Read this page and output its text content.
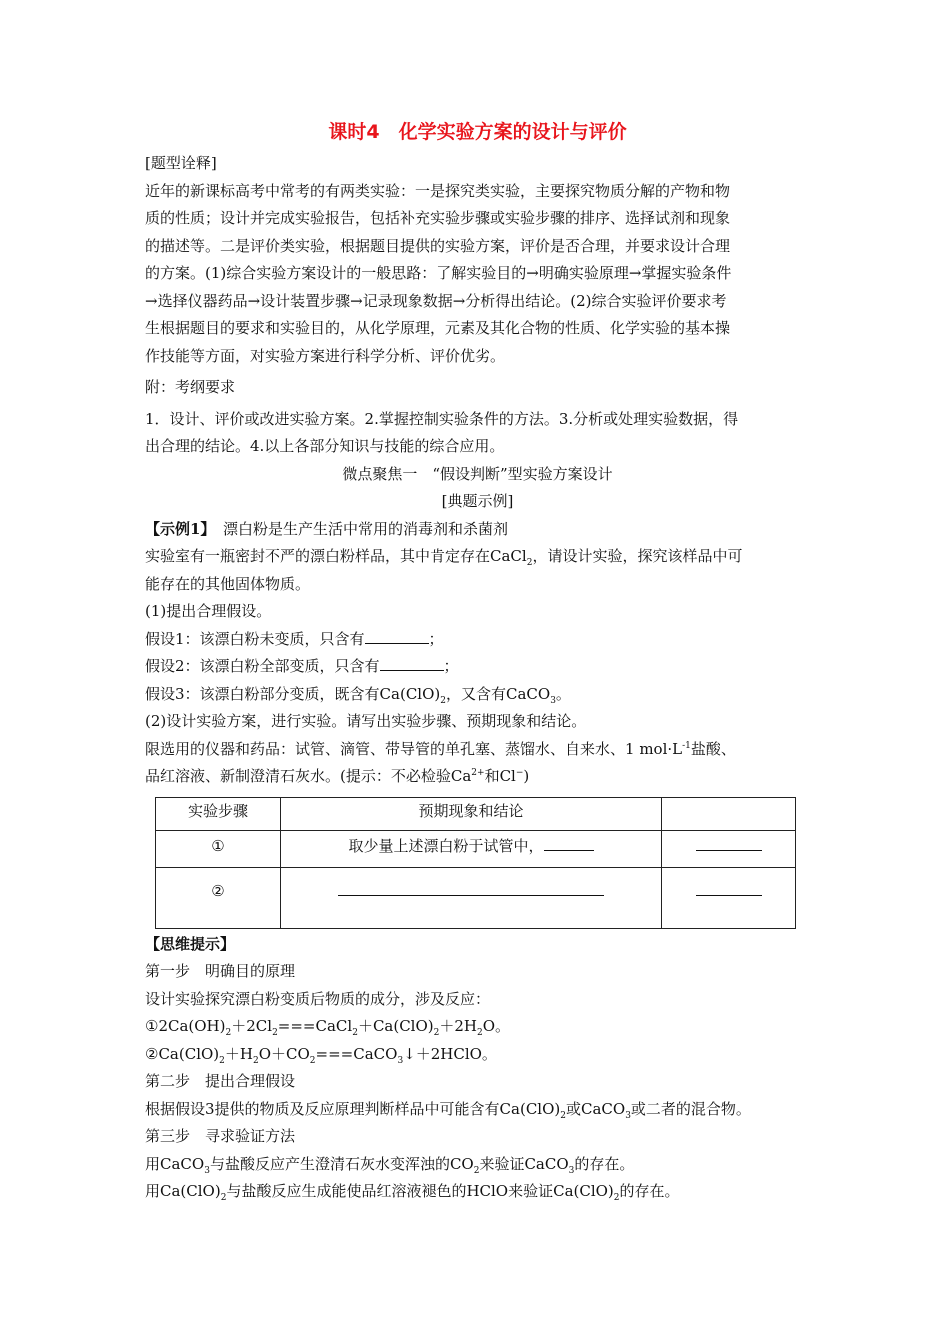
课时4　化学实验方案的设计与评价

[题型诠释]

近年的新课标高考中常考的有两类实验：一是探究类实验，主要探究物质分解的产物和物

质的性质；设计并完成实验报告，包括补充实验步骤或实验步骤的排序、选择试剂和现象

的描述等。二是评价类实验，根据题目提供的实验方案，评价是否合理，并要求设计合理

的方案。(1)综合实验方案设计的一般思路：了解实验目的→明确实验原理→掌握实验条件

→选择仪器药品→设计装置步骤→记录现象数据→分析得出结论。(2)综合实验评价要求考

生根据题目的要求和实验目的，从化学原理，元素及其化合物的性质、化学实验的基本操

作技能等方面，对实验方案进行科学分析、评价优劣。

附：考纲要求

1．设计、评价或改进实验方案。2.掌握控制实验条件的方法。3.分析或处理实验数据，得

出合理的结论。4.以上各部分知识与技能的综合应用。

微点聚焦一　“假设判断”型实验方案设计

[典题示例]

【示例1】　漂白粉是生产生活中常用的消毒剂和杀菌剂

实验室有一瓶密封不严的漂白粉样品，其中肯定存在CaCl$_2$，请设计实验，探究该样品中可

能存在的其他固体物质。

(1)提出合理假设。

假设1：该漂白粉未变质，只含有	；

假设2：该漂白粉全部变质，只含有	；

假设3：该漂白粉部分变质，既含有$Ca(ClO)_2$，又含有CaCO$_3$。

(2)设计实验方案，进行实验。请写出实验步骤、预期现象和结论。

限选用的仪器和药品：试管、滴管、带导管的单孔塞、蒸馏水、自来水、1 $mol\cdot L^{-1}$盐酸、

品红溶液、新制澄清石灰水。(提示：不必检验$Ca^{2+}$和Cl−)

实验步骤	预期现象和结论	
①	取少量上述漂白粉于试管中，	
②		

【思维提示】

第一步　明确目的原理

设计实验探究漂白粉变质后物质的成分，涉及反应：

$①2Ca(OH)_2+2Cl_2===CaCl_2+Ca(ClO)_2+2H_2O$。

$②Ca(ClO)_2+H_2O+CO_2===CaCO_3↓+2HClO$。

第二步　提出合理假设

根据假设3提供的物质及反应原理判断样品中可能含有$Ca(ClO)_2$或CaCO$_3$或二者的混合物。

第三步　寻求验证方法

用CaCO$_3$与盐酸反应产生澄清石灰水变浑浊的$CO_2$来验证CaCO$_3$的存在。

用$Ca(ClO)_2$与盐酸反应生成能使品红溶液褪色的HClO来验证$Ca(ClO)_2$的存在。
